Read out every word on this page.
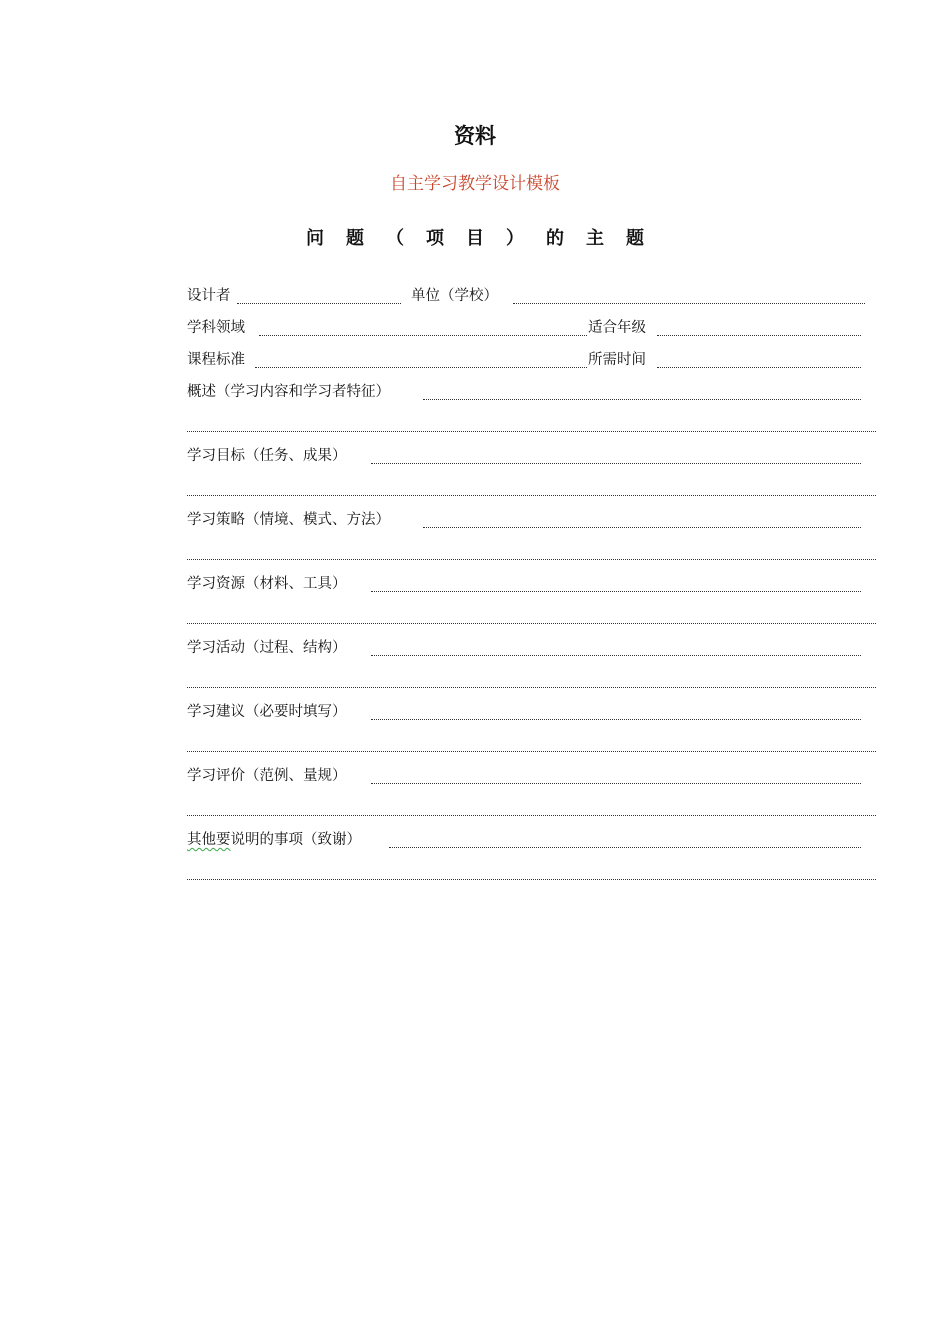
资料
自主学习教学设计模板
问 题 （ 项 目 ） 的 主 题
设计者	单位（学校）
学科领域	适合年级
课程标准	所需时间
概述（学习内容和学习者特征）
学习目标（任务、成果）
学习策略（情境、模式、方法）
学习资源（材料、工具）
学习活动（过程、结构）
学习建议（必要时填写）
学习评价（范例、量规）
其他要说明的事项（致谢）
